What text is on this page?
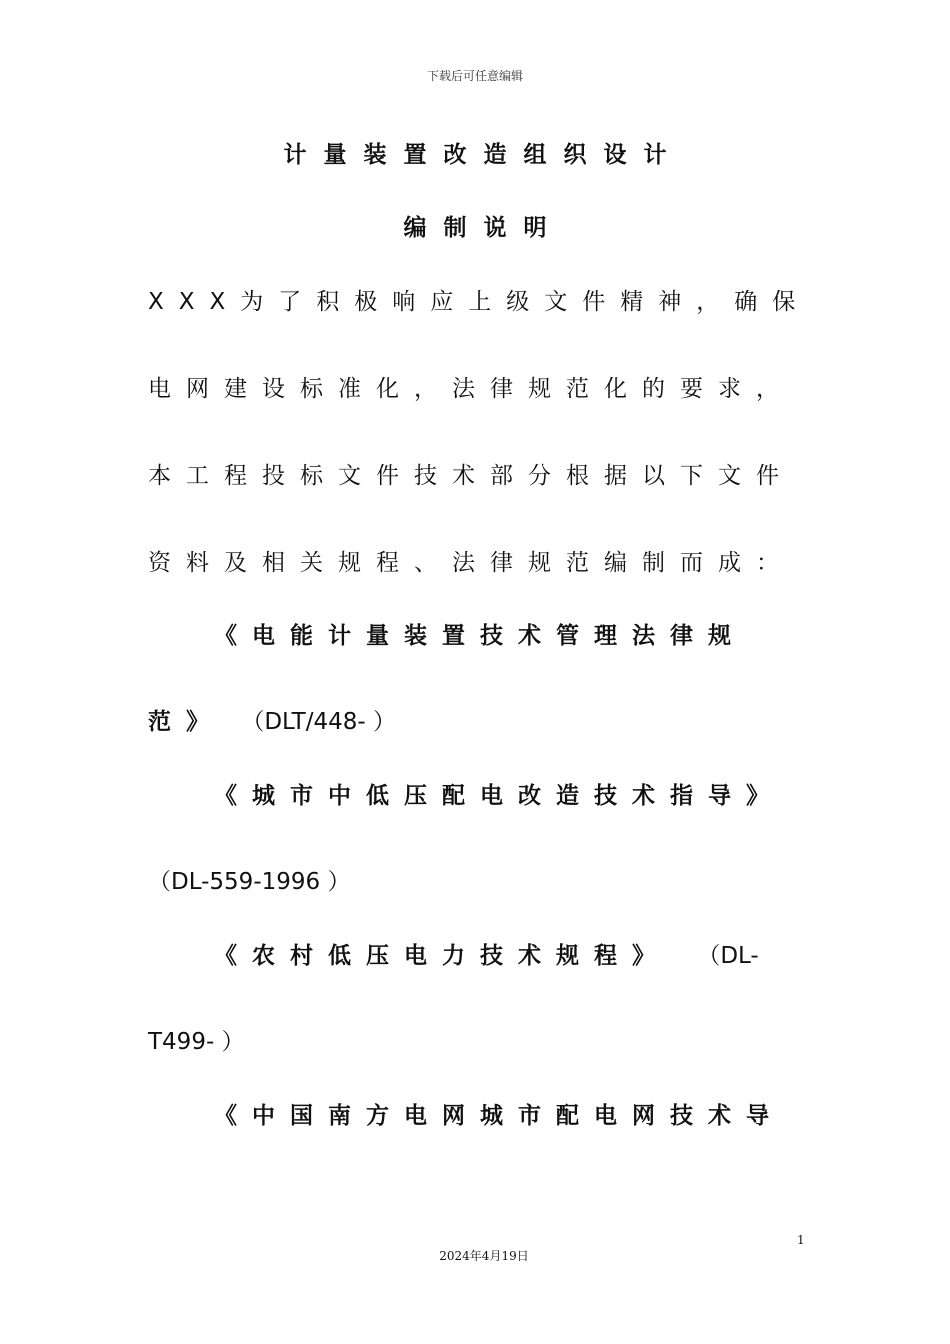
下载后可任意编辑
计量装置改造组织设计
编制说明
XXX为了积极响应上级文件精神，确保
电网建设标准化，法律规范化的要求，
本工程投标文件技术部分根据以下文件
资料及相关规程、法律规范编制而成：
《电能计量装置技术管理法律规
范》 （DLT/448- ）
《城市中低压配电改造技术指导》
（DL-559-1996 ）
《农村低压电力技术规程》 （DL-
T499- ）
《中国南方电网城市配电网技术导
1
2024年4月19日
